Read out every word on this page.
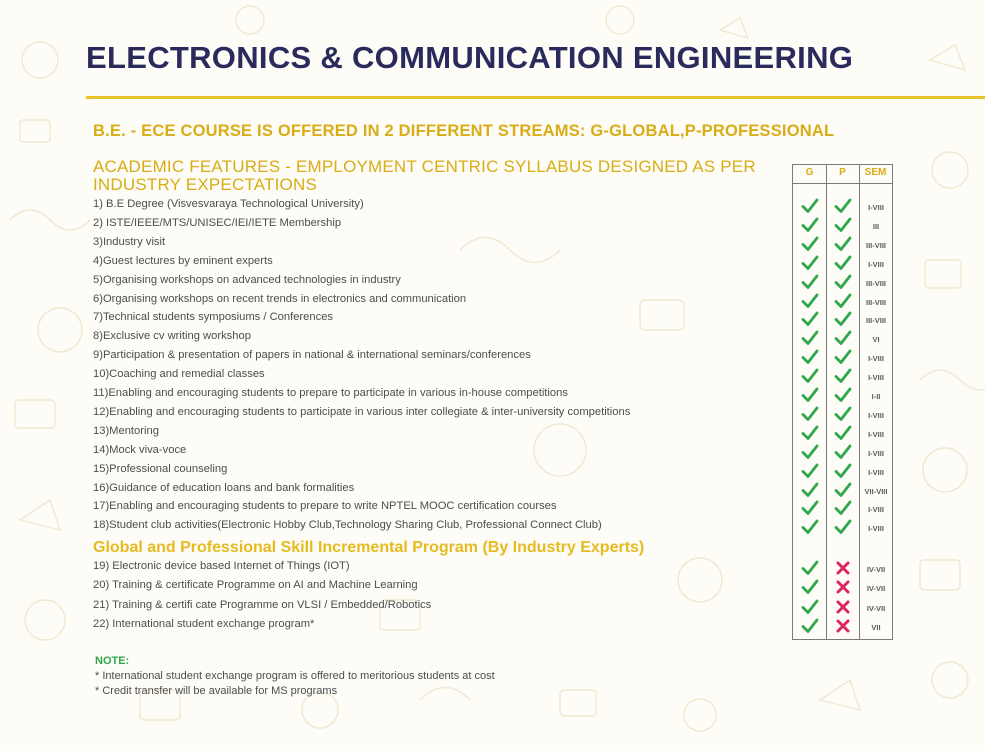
ELECTRONICS & COMMUNICATION ENGINEERING
B.E. - ECE COURSE IS OFFERED IN 2 DIFFERENT STREAMS: G-GLOBAL,P-PROFESSIONAL
ACADEMIC FEATURES - EMPLOYMENT CENTRIC SYLLABUS DESIGNED AS PER INDUSTRY EXPECTATIONS
1) B.E Degree (Visvesvaraya Technological University)
2) ISTE/IEEE/MTS/UNISEC/IEI/IETE Membership
3)Industry visit
4)Guest lectures by eminent experts
5)Organising workshops on advanced technologies in industry
6)Organising workshops on recent trends in electronics and communication
7)Technical students symposiums / Conferences
8)Exclusive cv writing workshop
9)Participation & presentation of papers in national & international seminars/conferences
10)Coaching and remedial classes
11)Enabling and encouraging students to prepare to participate in various in-house competitions
12)Enabling and encouraging students to participate in various inter collegiate & inter-university competitions
13)Mentoring
14)Mock viva-voce
15)Professional counseling
16)Guidance of education loans and bank formalities
17)Enabling and encouraging students to prepare to write NPTEL MOOC certification courses
18)Student club activities(Electronic Hobby Club,Technology Sharing Club, Professional Connect Club)
19) Electronic device based Internet of Things (IOT)
20) Training & certificate Programme on AI and Machine Learning
21) Training & certifi cate Programme on VLSI / Embedded/Robotics
22) International student exchange program*
Global and Professional Skill Incremental Program (By Industry Experts)
G	P	SEM
I-VIII
III
III-VIII
I-VIII
III-VIII
III-VIII
III-VIII
VI
I-VIII
I-VIII
I-II
I-VIII
I-VIII
I-VIII
I-VIII
VII-VIII
I-VIII
I-VIII
IV-VII
IV-VII
IV-VII
VII
NOTE:
* International student exchange program is offered to meritorious students at cost
* Credit transfer will be available for MS programs
